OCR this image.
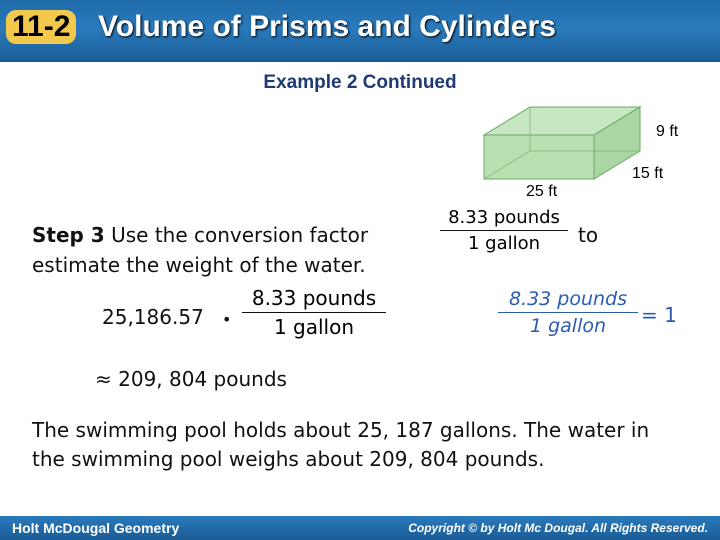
11-2 Volume of Prisms and Cylinders
Example 2 Continued
9 ft
15 ft
25 ft
Step 3 Use the conversion factor
8.33 pounds
1 gallon	to
estimate the weight of the water.
25,186.57 •
8.33 pounds
1 gallon
≈ 209, 804 pounds
8.33 pounds
1 gallon	= 1
The swimming pool holds about 25, 187 gallons. The water in the swimming pool weighs about 209, 804 pounds.
Holt McDougal Geometry	Copyright © by Holt Mc Dougal. All Rights Reserved.
